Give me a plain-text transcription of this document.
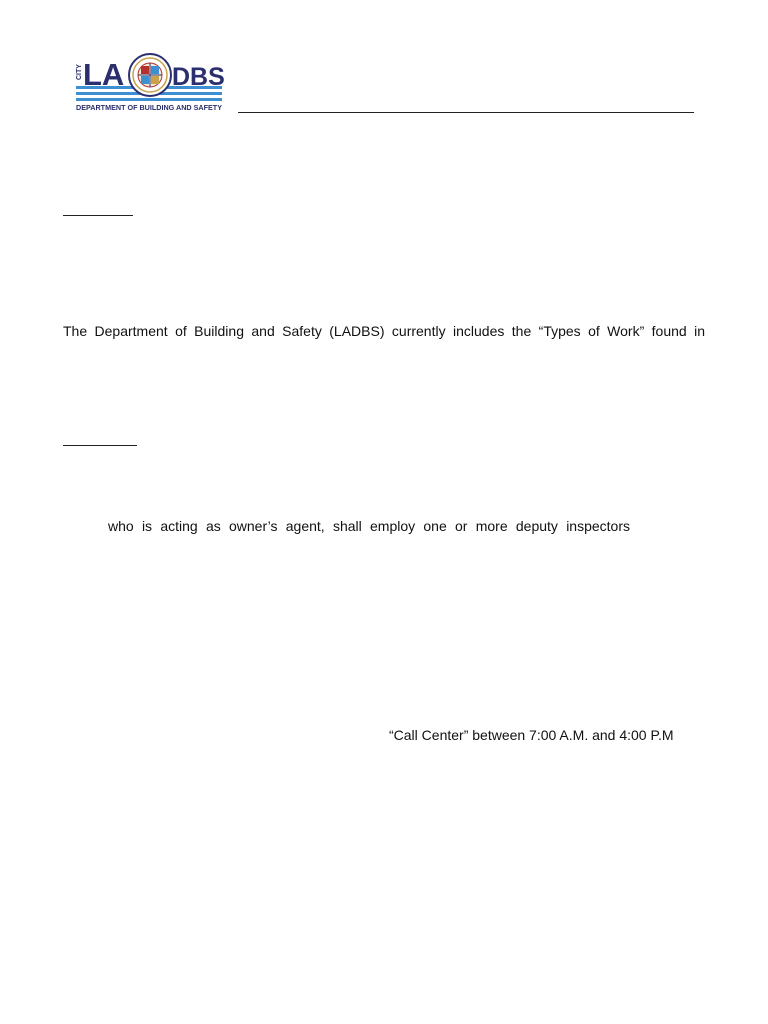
CITY LA DBS
DEPARTMENT OF BUILDING AND SAFETY
The Department of Building and Safety (LADBS) currently includes the “Types of Work” found in
who is acting as owner’s agent, shall employ one or more deputy inspectors
“Call Center” between 7:00 A.M. and 4:00 P.M
